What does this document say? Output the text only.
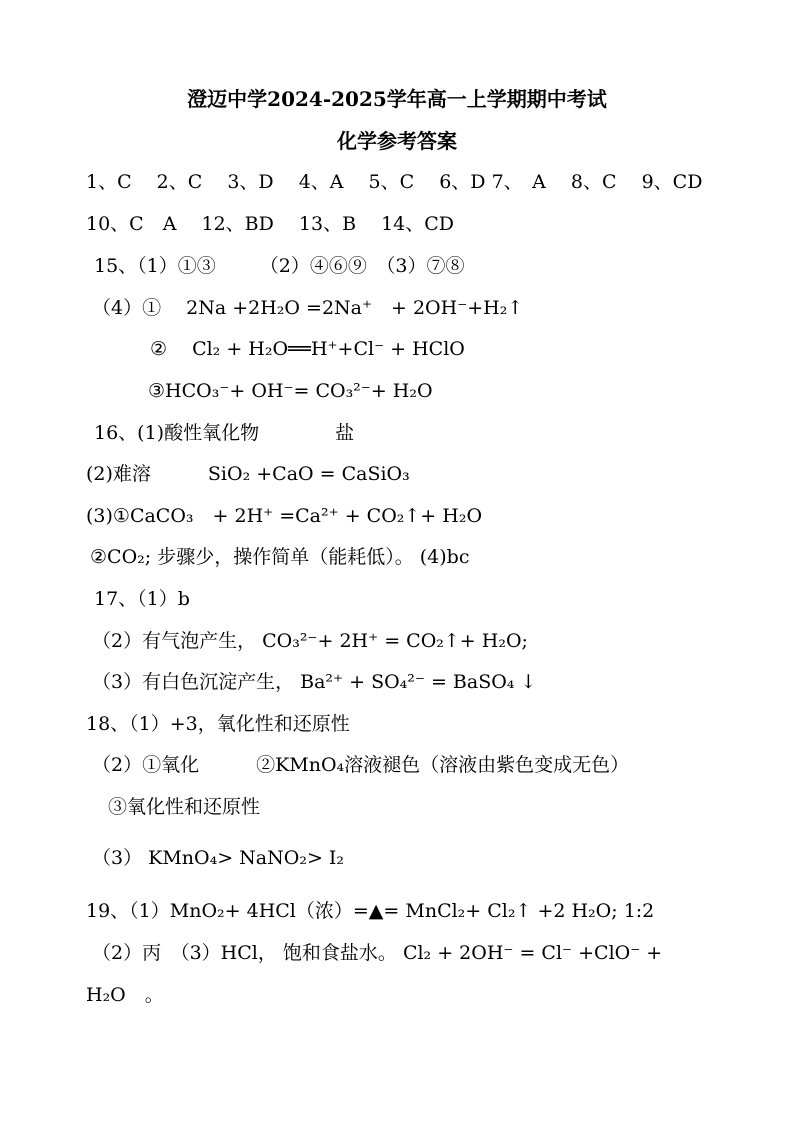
澄迈中学2024-2025学年高一上学期期中考试
化学参考答案
1、C　 2、C　 3、D　 4、A　 5、C　 6、D 7、　A　 8、C　 9、CD
10、C　A　 12、BD　 13、B　 14、CD
15、（1）①③　　 （2）④⑥⑨　（3）⑦⑧
（4）①　 2Na +2H₂O =2Na⁺　+ 2OH⁻+H₂↑
②　 Cl₂ + H₂O══H⁺+Cl⁻ + HClO
③HCO₃⁻+ OH⁻= CO₃²⁻+ H₂O
16、(1)酸性氧化物　　　　盐
(2)难溶　　　SiO₂ +CaO = CaSiO₃
(3)①CaCO₃　+ 2H⁺ =Ca²⁺ + CO₂↑+ H₂O
②CO₂; 步骤少，操作简单（能耗低）。 (4)bc
17、（1）b
（2）有气泡产生， CO₃²⁻+ 2H⁺ = CO₂↑+ H₂O;
（3）有白色沉淀产生， Ba²⁺ + SO₄²⁻ = BaSO₄ ↓
18、（1）+3，氧化性和还原性
（2）①氧化　　　②KMnO₄溶液褪色（溶液由紫色变成无色）
③氧化性和还原性
（3） KMnO₄> NaNO₂> I₂
19、（1）MnO₂+ 4HCl（浓）=▲= MnCl₂+ Cl₂↑ +2 H₂O; 1:2
（2）丙　（3）HCl， 饱和食盐水。 Cl₂ + 2OH⁻ = Cl⁻ +ClO⁻ +
H₂O　。
